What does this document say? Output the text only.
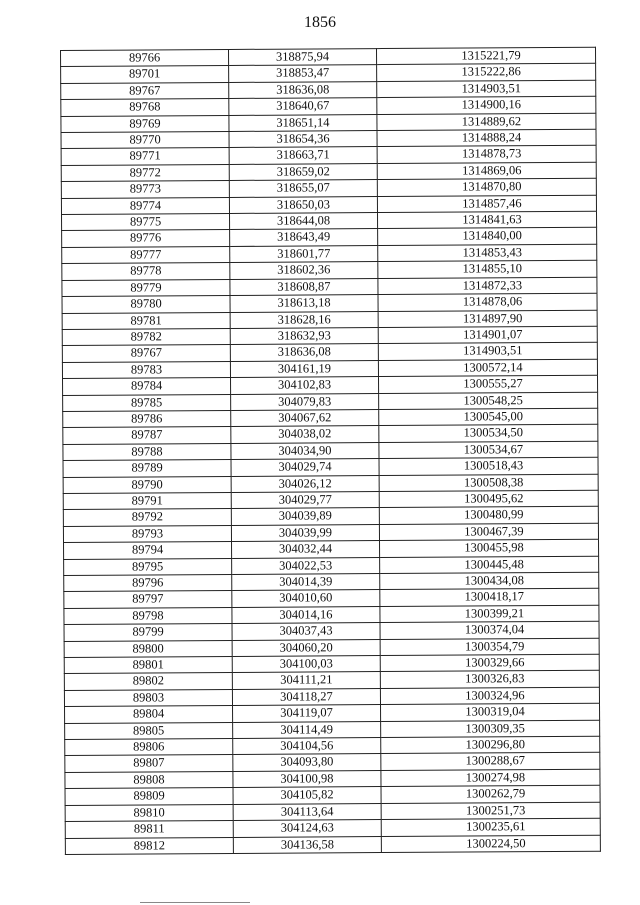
1856
89766	318875,94	1315221,79
89701	318853,47	1315222,86
89767	318636,08	1314903,51
89768	318640,67	1314900,16
89769	318651,14	1314889,62
89770	318654,36	1314888,24
89771	318663,71	1314878,73
89772	318659,02	1314869,06
89773	318655,07	1314870,80
89774	318650,03	1314857,46
89775	318644,08	1314841,63
89776	318643,49	1314840,00
89777	318601,77	1314853,43
89778	318602,36	1314855,10
89779	318608,87	1314872,33
89780	318613,18	1314878,06
89781	318628,16	1314897,90
89782	318632,93	1314901,07
89767	318636,08	1314903,51
89783	304161,19	1300572,14
89784	304102,83	1300555,27
89785	304079,83	1300548,25
89786	304067,62	1300545,00
89787	304038,02	1300534,50
89788	304034,90	1300534,67
89789	304029,74	1300518,43
89790	304026,12	1300508,38
89791	304029,77	1300495,62
89792	304039,89	1300480,99
89793	304039,99	1300467,39
89794	304032,44	1300455,98
89795	304022,53	1300445,48
89796	304014,39	1300434,08
89797	304010,60	1300418,17
89798	304014,16	1300399,21
89799	304037,43	1300374,04
89800	304060,20	1300354,79
89801	304100,03	1300329,66
89802	304111,21	1300326,83
89803	304118,27	1300324,96
89804	304119,07	1300319,04
89805	304114,49	1300309,35
89806	304104,56	1300296,80
89807	304093,80	1300288,67
89808	304100,98	1300274,98
89809	304105,82	1300262,79
89810	304113,64	1300251,73
89811	304124,63	1300235,61
89812	304136,58	1300224,50
